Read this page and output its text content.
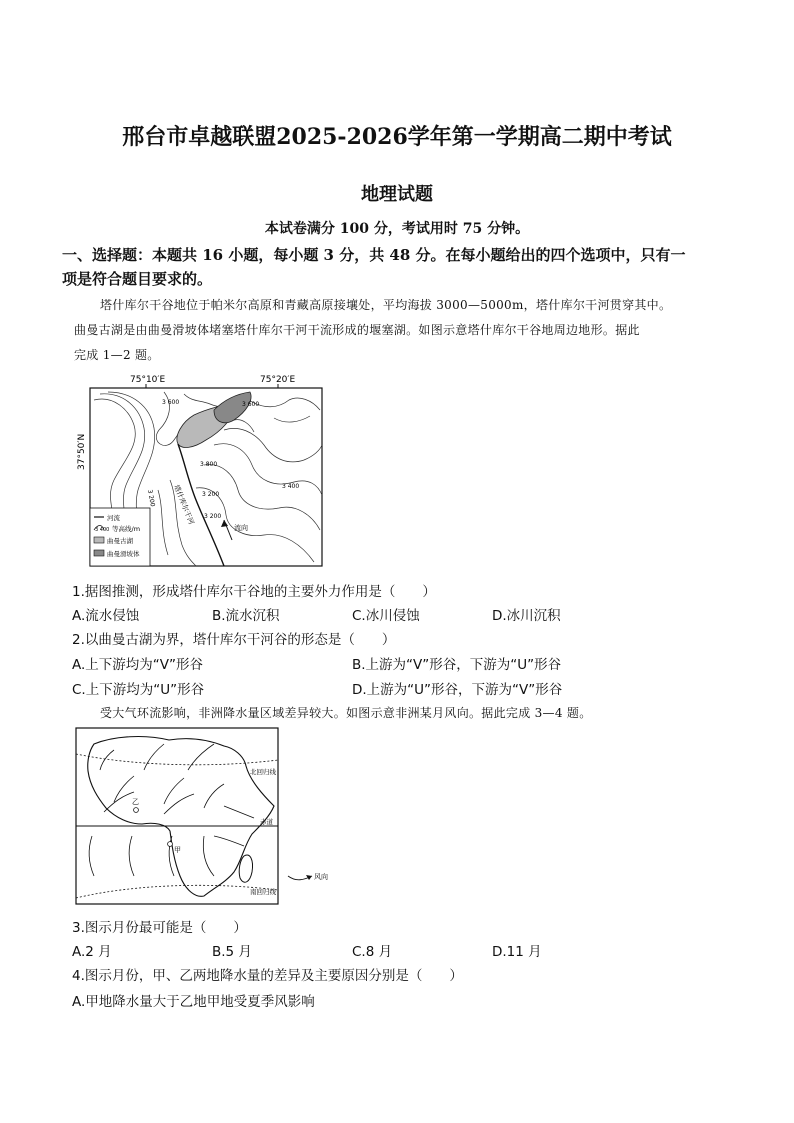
邢台市卓越联盟2025-2026学年第一学期高二期中考试
地理试题
本试卷满分 100 分，考试用时 75 分钟。
一、选择题：本题共 16 小题，每小题 3 分，共 48 分。在每小题给出的四个选项中，只有一
项是符合题目要求的。
塔什库尔干谷地位于帕米尔高原和青藏高原接壤处，平均海拔 3000—5000m，塔什库尔干河贯穿其中。
曲曼古湖是由曲曼滑坡体堵塞塔什库尔干河干流形成的堰塞湖。如图示意塔什库尔干谷地周边地形。据此
完成 1—2 题。
75°10′E	75°20′E
37°50′N
塔什库尔干河
流向
3 600
3 800
3 600
3 400
3 200	3 200
3 200
河流
3 400 等高线/m
曲曼古湖
曲曼滑坡体
1.据图推测，形成塔什库尔干谷地的主要外力作用是（　　）
A.流水侵蚀	B.流水沉积	C.冰川侵蚀	D.冰川沉积
2.以曲曼古湖为界，塔什库尔干河谷的形态是（　　）
A.上下游均为“V”形谷	B.上游为“V”形谷，下游为“U”形谷
C.上下游均为“U”形谷	D.上游为“U”形谷，下游为“V”形谷
受大气环流影响，非洲降水量区域差异较大。如图示意非洲某月风向。据此完成 3—4 题。
北回归线
赤道
南回归线
乙
甲
风向
3.图示月份最可能是（　　）
A.2 月	B.5 月	C.8 月	D.11 月
4.图示月份，甲、乙两地降水量的差异及主要原因分别是（　　）
A.甲地降水量大于乙地甲地受夏季风影响
